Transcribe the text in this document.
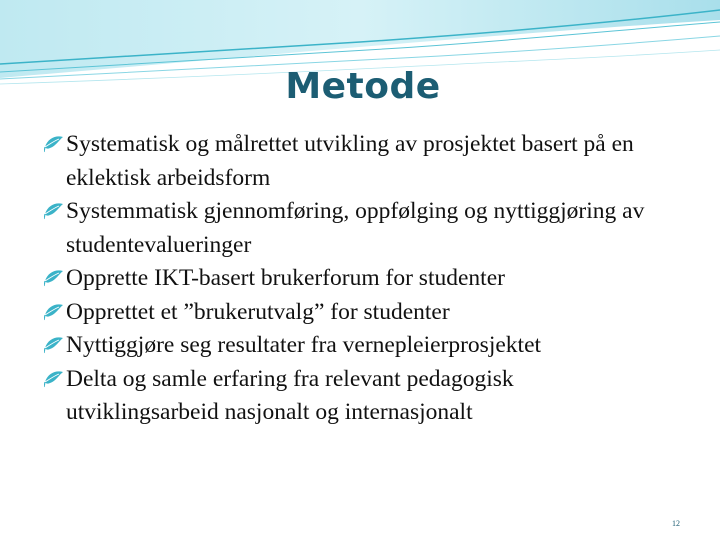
Metode
Systematisk og målrettet utvikling av prosjektet basert på en eklektisk arbeidsform
Systemmatisk gjennomføring, oppfølging og nyttiggjøring av studentevalueringer
Opprette IKT-basert brukerforum for studenter
Opprettet et ”brukerutvalg” for studenter
Nyttiggjøre seg resultater fra vernepleierprosjektet
Delta og samle erfaring fra relevant pedagogisk utviklingsarbeid nasjonalt og internasjonalt
12
